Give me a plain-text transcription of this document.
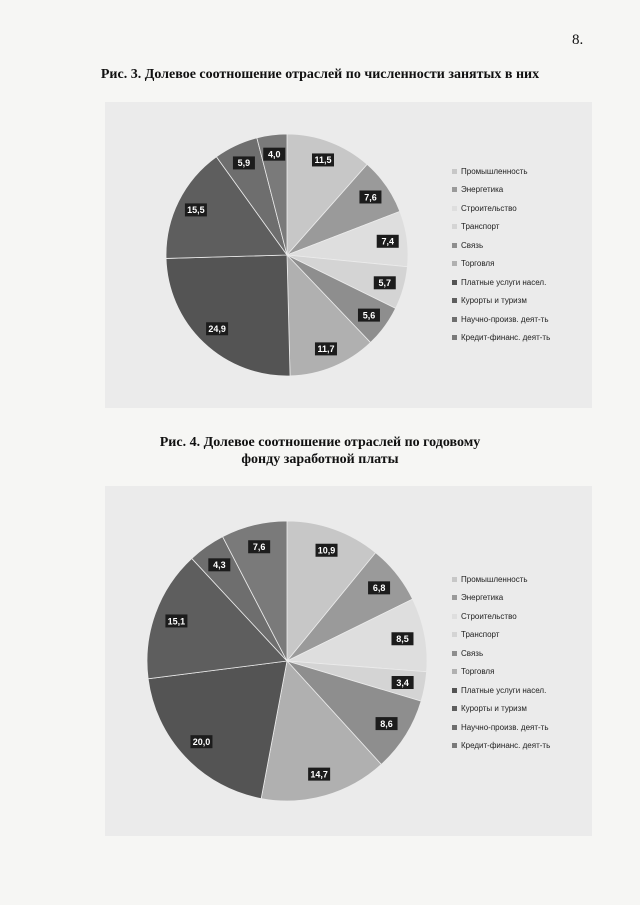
8.
Рис. 3. Долевое соотношение отраслей по численности занятых в них
11,5
7,6
7,4
5,7
5,6
11,7
24,9
15,5
5,9
4,0
Промышленность
Энергетика
Строительство
Транспорт
Связь
Торговля
Платные услуги насел.
Курорты и туризм
Научно-произв. деят-ть
Кредит-финанс. деят-ть
Рис. 4. Долевое соотношение отраслей по годовому
фонду заработной платы
10,9
6,8
8,5
3,4
8,6
14,7
20,0
15,1
4,3
7,6
Промышленность
Энергетика
Строительство
Транспорт
Связь
Торговля
Платные услуги насел.
Курорты и туризм
Научно-произв. деят-ть
Кредит-финанс. деят-ть
